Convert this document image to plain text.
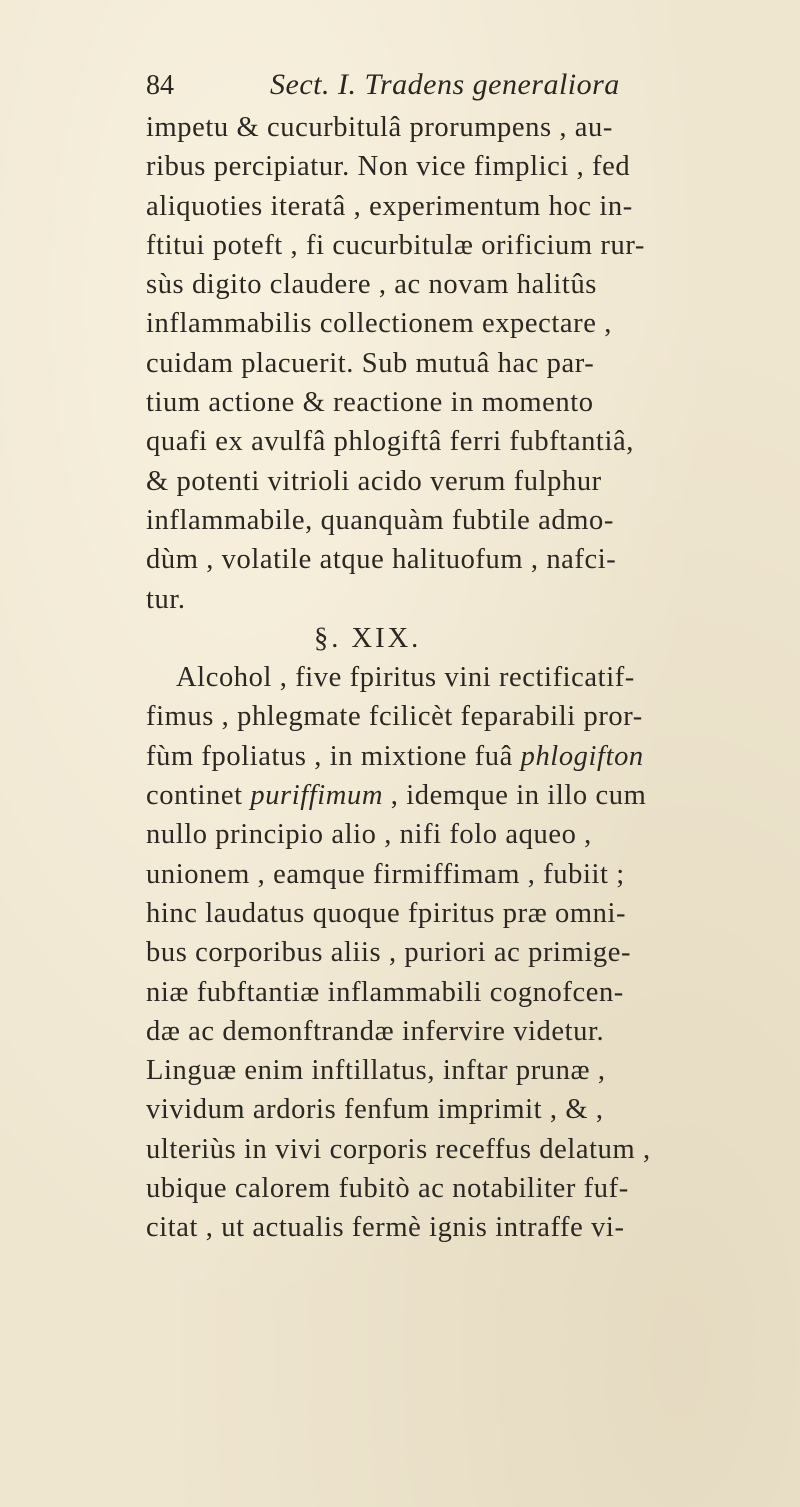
84	Sect. I. Tradens generaliora
impetu & cucurbitulâ prorumpens , au-
ribus percipiatur. Non vice fimplici , fed
aliquoties iteratâ , experimentum hoc in-
ftitui poteft , fi cucurbitulæ orificium rur-
sùs digito claudere , ac novam halitûs
inflammabilis collectionem expectare ,
cuidam placuerit. Sub mutuâ hac par-
tium actione & reactione in momento
quafi ex avulfâ phlogiftâ ferri fubftantiâ,
& potenti vitrioli acido verum fulphur
inflammabile, quanquàm fubtile admo-
dùm , volatile atque halituofum , nafci-
tur.
§. XIX.
Alcohol , five fpiritus vini rectificatif-
fimus , phlegmate fcilicèt feparabili pror-
fùm fpoliatus , in mixtione fuâ phlogifton
continet puriffimum , idemque in illo cum
nullo principio alio , nifi folo aqueo ,
unionem , eamque firmiffimam , fubiit ;
hinc laudatus quoque fpiritus præ omni-
bus corporibus aliis , puriori ac primige-
niæ fubftantiæ inflammabili cognofcen-
dæ ac demonftrandæ infervire videtur.
Linguæ enim inftillatus, inftar prunæ ,
vividum ardoris fenfum imprimit , & ,
ulteriùs in vivi corporis receffus delatum ,
ubique calorem fubitò ac notabiliter fuf-
citat , ut actualis fermè ignis intraffe vi-
